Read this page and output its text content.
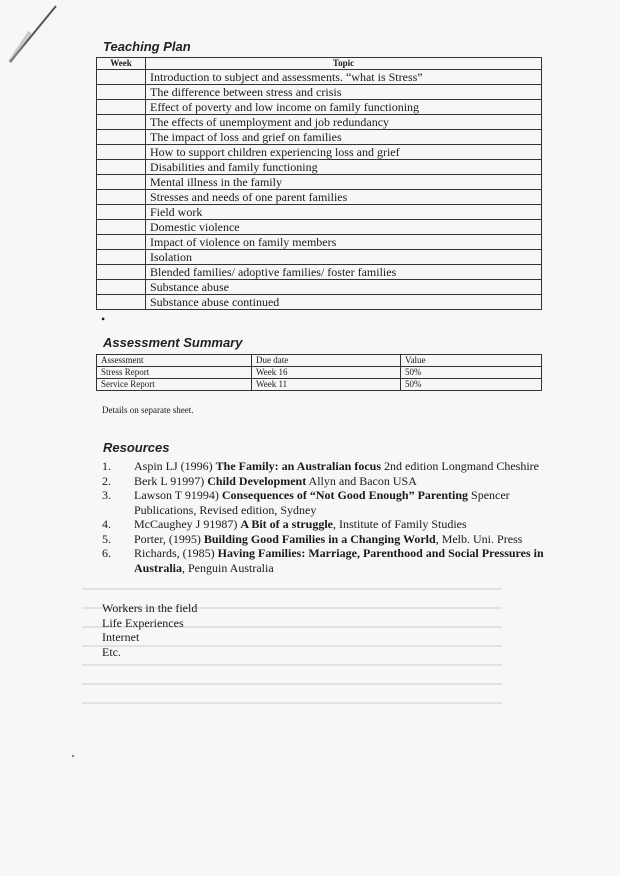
Teaching Plan
Week	Topic
	Introduction to subject and assessments. “what is Stress”
	The difference between stress and crisis
	Effect of poverty and low income on family functioning
	The effects of unemployment and job redundancy
	The impact of loss and grief on families
	How to support children experiencing loss and grief
	Disabilities and family functioning
	Mental illness in the family
	Stresses and needs of one parent families
	Field work
	Domestic violence
	Impact of violence on family members
	Isolation
	Blended families/ adoptive families/ foster families
	Substance abuse
	Substance abuse continued
•
Assessment Summary
Assessment	Due date	Value
Stress Report	Week 16	50%
Service Report	Week 11	50%

Details on separate sheet.

Resources
1. Aspin LJ (1996) The Family: an Australian focus 2nd edition Longmand Cheshire
2. Berk L 91997) Child Development Allyn and Bacon USA
3. Lawson T 91994) Consequences of “Not Good Enough” Parenting Spencer Publications, Revised edition, Sydney
4. McCaughey J 91987) A Bit of a struggle, Institute of Family Studies
5. Porter, (1995) Building Good Families in a Changing World, Melb. Uni. Press
6. Richards, (1985) Having Families: Marriage, Parenthood and Social Pressures in Australia, Penguin Australia
Workers in the field
Life Experiences
Internet
Etc.
